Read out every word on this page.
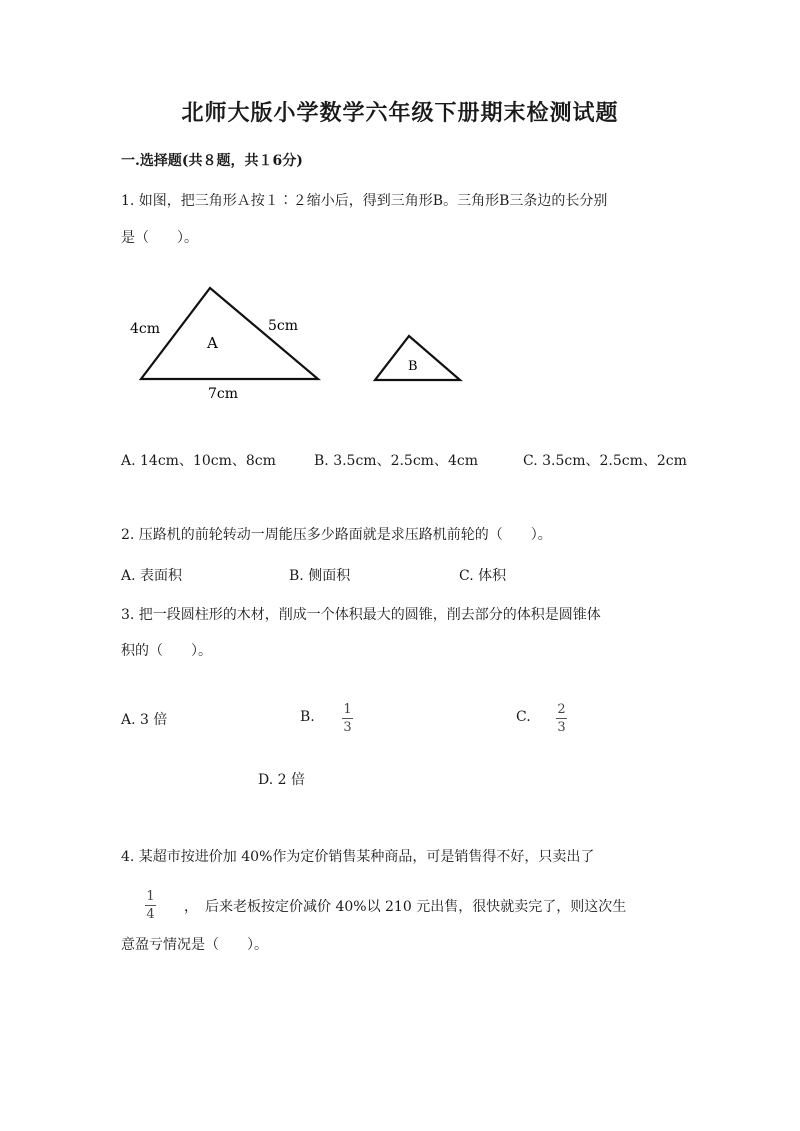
北师大版小学数学六年级下册期末检测试题
一.选择题(共８题，共１6分)
1. 如图，把三角形Ａ按１∶２缩小后，得到三角形B。三角形B三条边的长分别
是（　　）。
A
4cm	5cm
7cm
B
A. 14cm、10cm、8cm	B. 3.5cm、2.5cm、4cm	C. 3.5cm、2.5cm、2cm
2. 压路机的前轮转动一周能压多少路面就是求压路机前轮的（　　）。
A. 表面积	B. 侧面积	C. 体积
3. 把一段圆柱形的木材，削成一个体积最大的圆锥，削去部分的体积是圆锥体
积的（　　）。
A. 3 倍	B. 1
3
C. 2
3
D. 2 倍
4. 某超市按进价加 40%作为定价销售某种商品，可是销售得不好，只卖出了
1
4 ，　后来老板按定价减价 40%以 210 元出售，很快就卖完了，则这次生
意盈亏情况是（　　）。
